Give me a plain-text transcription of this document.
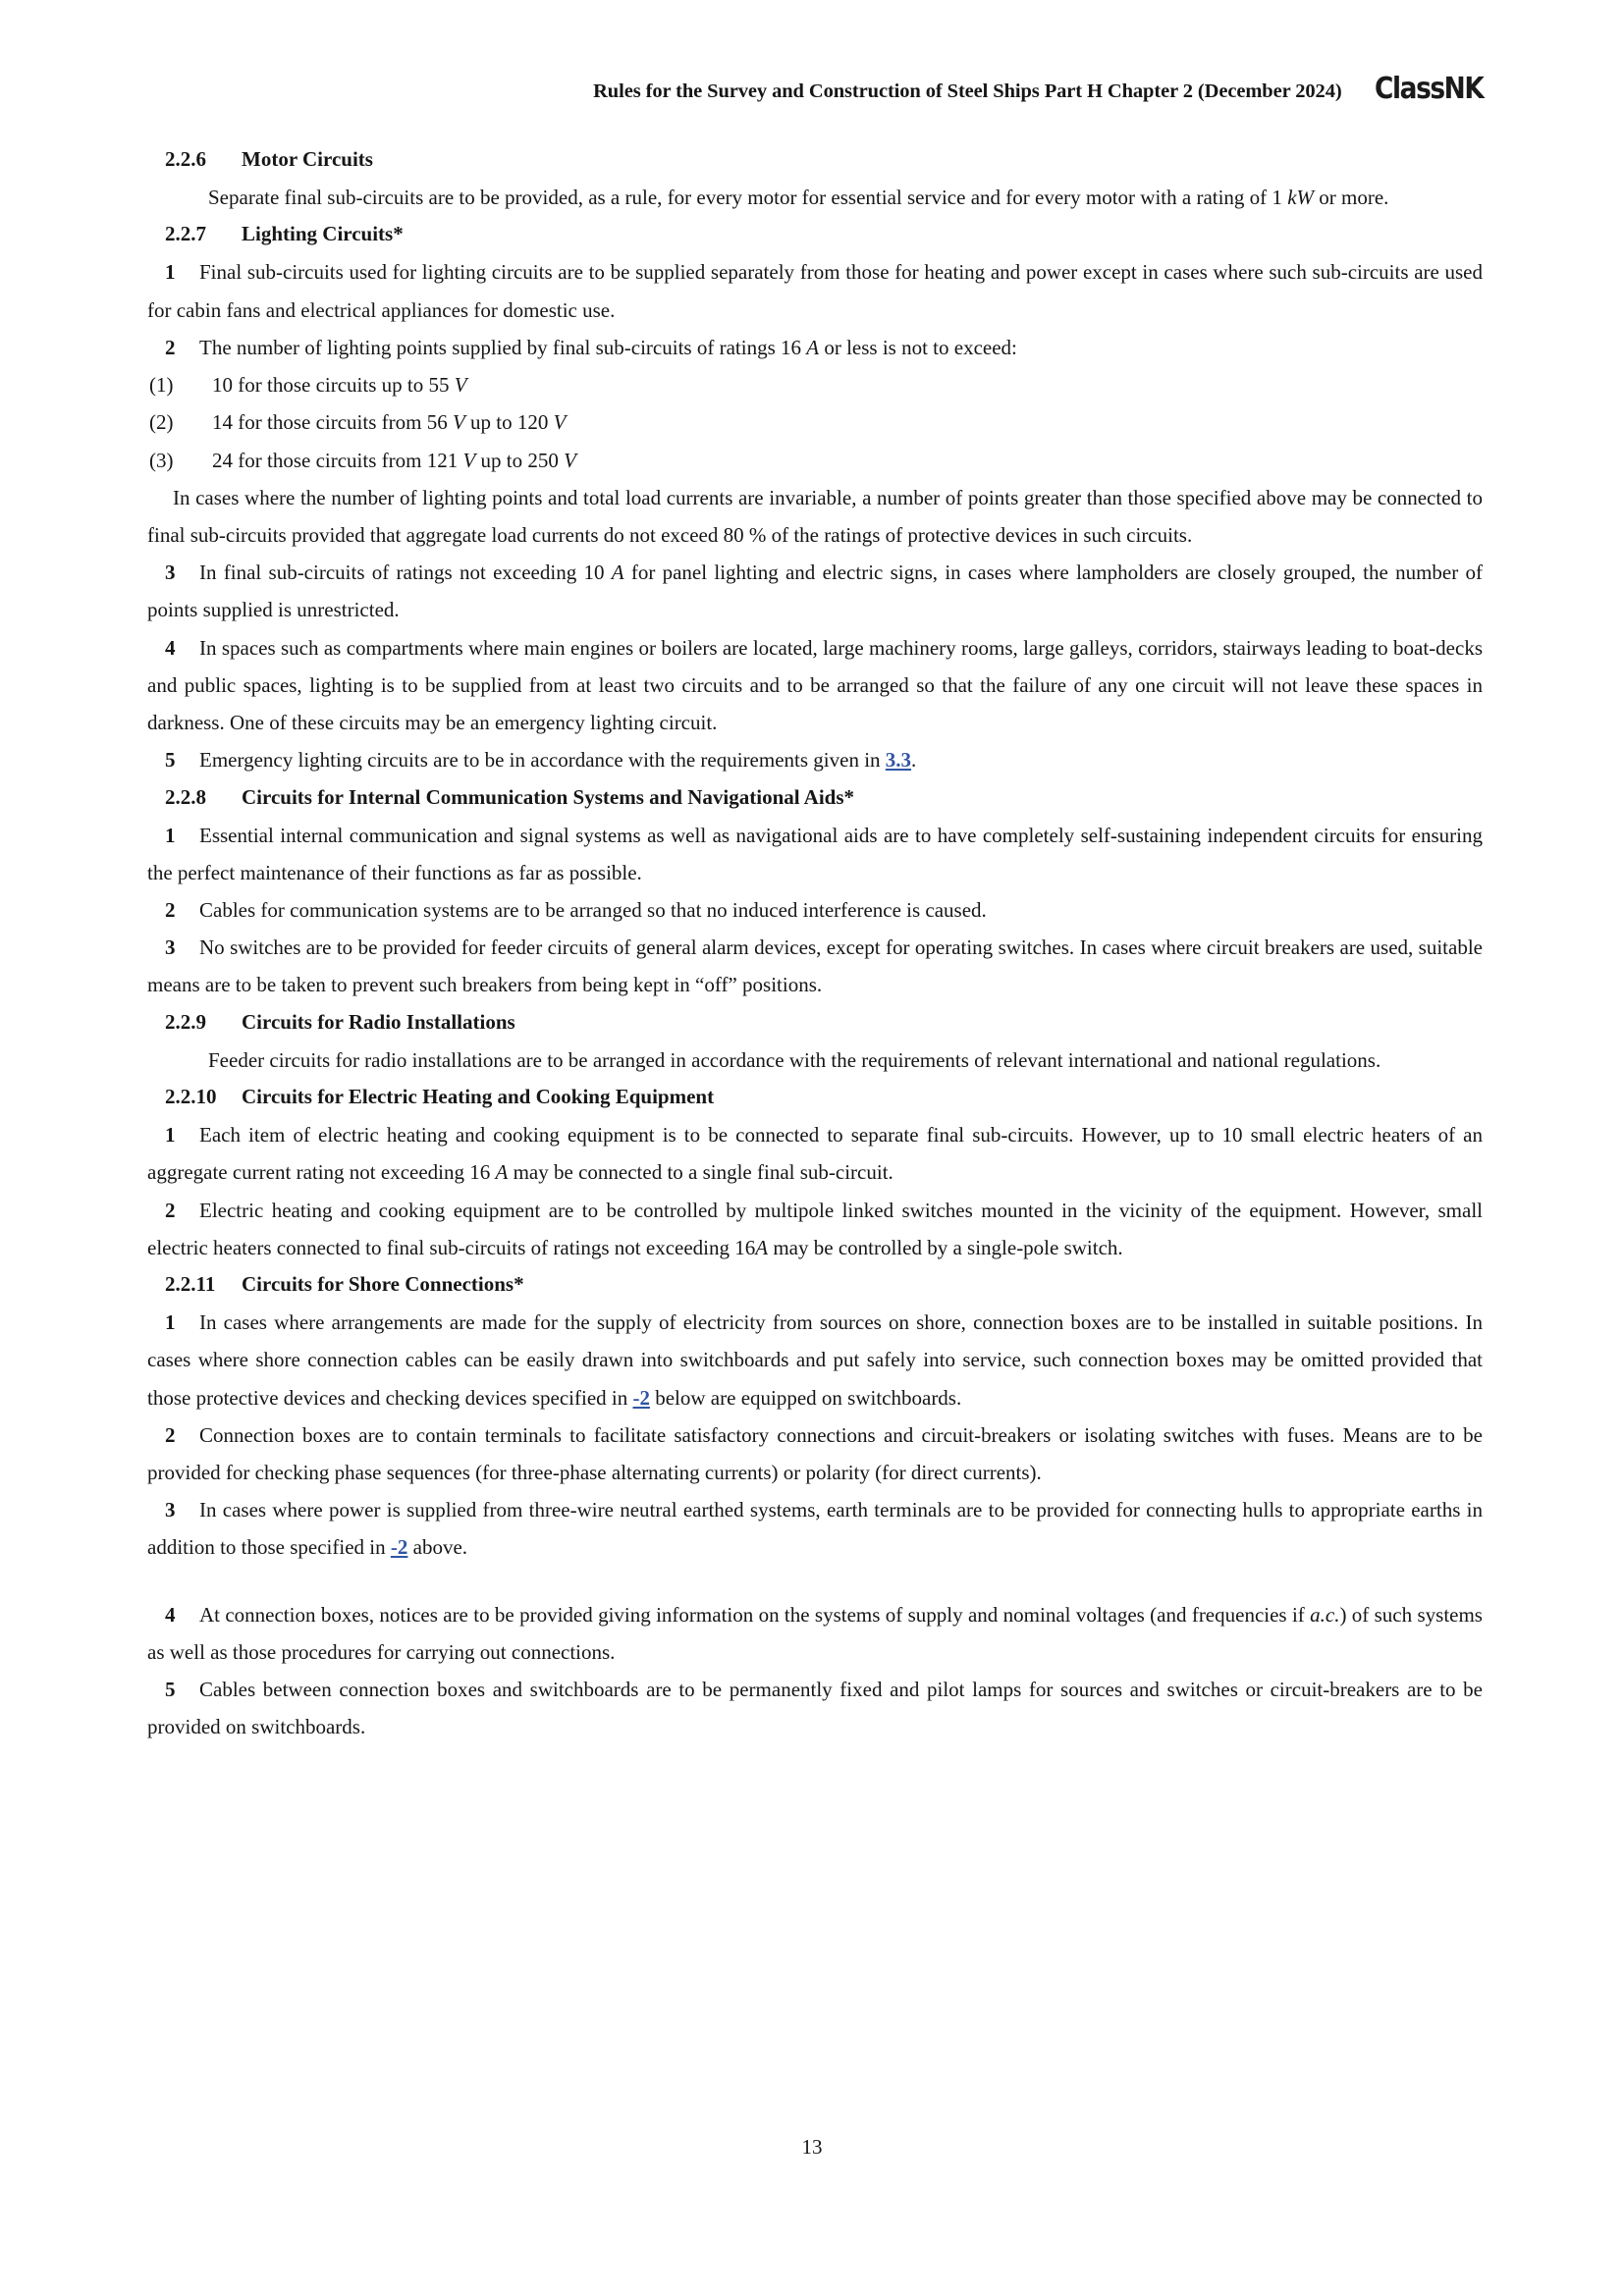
Rules for the Survey and Construction of Steel Ships Part H Chapter 2 (December 2024) ClassNK
2.2.6	Motor Circuits

Separate final sub-circuits are to be provided, as a rule, for every motor for essential service and for every motor with a rating of 1 kW or more.

2.2.7	Lighting Circuits*

1 Final sub-circuits used for lighting circuits are to be supplied separately from those for heating and power except in cases where such sub-circuits are used for cabin fans and electrical appliances for domestic use.

2 The number of lighting points supplied by final sub-circuits of ratings 16 A or less is not to exceed:

(1) 10 for those circuits up to 55 V

(2) 14 for those circuits from 56 V up to 120 V

(3) 24 for those circuits from 121 V up to 250 V

In cases where the number of lighting points and total load currents are invariable, a number of points greater than those specified above may be connected to final sub-circuits provided that aggregate load currents do not exceed 80 % of the ratings of protective devices in such circuits.

3 In final sub-circuits of ratings not exceeding 10 A for panel lighting and electric signs, in cases where lampholders are closely grouped, the number of points supplied is unrestricted.

4 In spaces such as compartments where main engines or boilers are located, large machinery rooms, large galleys, corridors, stairways leading to boat-decks and public spaces, lighting is to be supplied from at least two circuits and to be arranged so that the failure of any one circuit will not leave these spaces in darkness. One of these circuits may be an emergency lighting circuit.

5 Emergency lighting circuits are to be in accordance with the requirements given in 3.3.

2.2.8	Circuits for Internal Communication Systems and Navigational Aids*

1 Essential internal communication and signal systems as well as navigational aids are to have completely self-sustaining independent circuits for ensuring the perfect maintenance of their functions as far as possible.

2 Cables for communication systems are to be arranged so that no induced interference is caused.

3 No switches are to be provided for feeder circuits of general alarm devices, except for operating switches. In cases where circuit breakers are used, suitable means are to be taken to prevent such breakers from being kept in “off” positions.

2.2.9	Circuits for Radio Installations

Feeder circuits for radio installations are to be arranged in accordance with the requirements of relevant international and national regulations.

2.2.10	Circuits for Electric Heating and Cooking Equipment

1 Each item of electric heating and cooking equipment is to be connected to separate final sub-circuits. However, up to 10 small electric heaters of an aggregate current rating not exceeding 16 A may be connected to a single final sub-circuit.

2 Electric heating and cooking equipment are to be controlled by multipole linked switches mounted in the vicinity of the equipment. However, small electric heaters connected to final sub-circuits of ratings not exceeding 16A may be controlled by a single-pole switch.

2.2.11	Circuits for Shore Connections*

1 In cases where arrangements are made for the supply of electricity from sources on shore, connection boxes are to be installed in suitable positions. In cases where shore connection cables can be easily drawn into switchboards and put safely into service, such connection boxes may be omitted provided that those protective devices and checking devices specified in -2 below are equipped on switchboards.

2 Connection boxes are to contain terminals to facilitate satisfactory connections and circuit-breakers or isolating switches with fuses. Means are to be provided for checking phase sequences (for three-phase alternating currents) or polarity (for direct currents).

3 In cases where power is supplied from three-wire neutral earthed systems, earth terminals are to be provided for connecting hulls to appropriate earths in addition to those specified in -2 above.

4 At connection boxes, notices are to be provided giving information on the systems of supply and nominal voltages (and frequencies if a.c.) of such systems as well as those procedures for carrying out connections.

5 Cables between connection boxes and switchboards are to be permanently fixed and pilot lamps for sources and switches or circuit-breakers are to be provided on switchboards.

13
